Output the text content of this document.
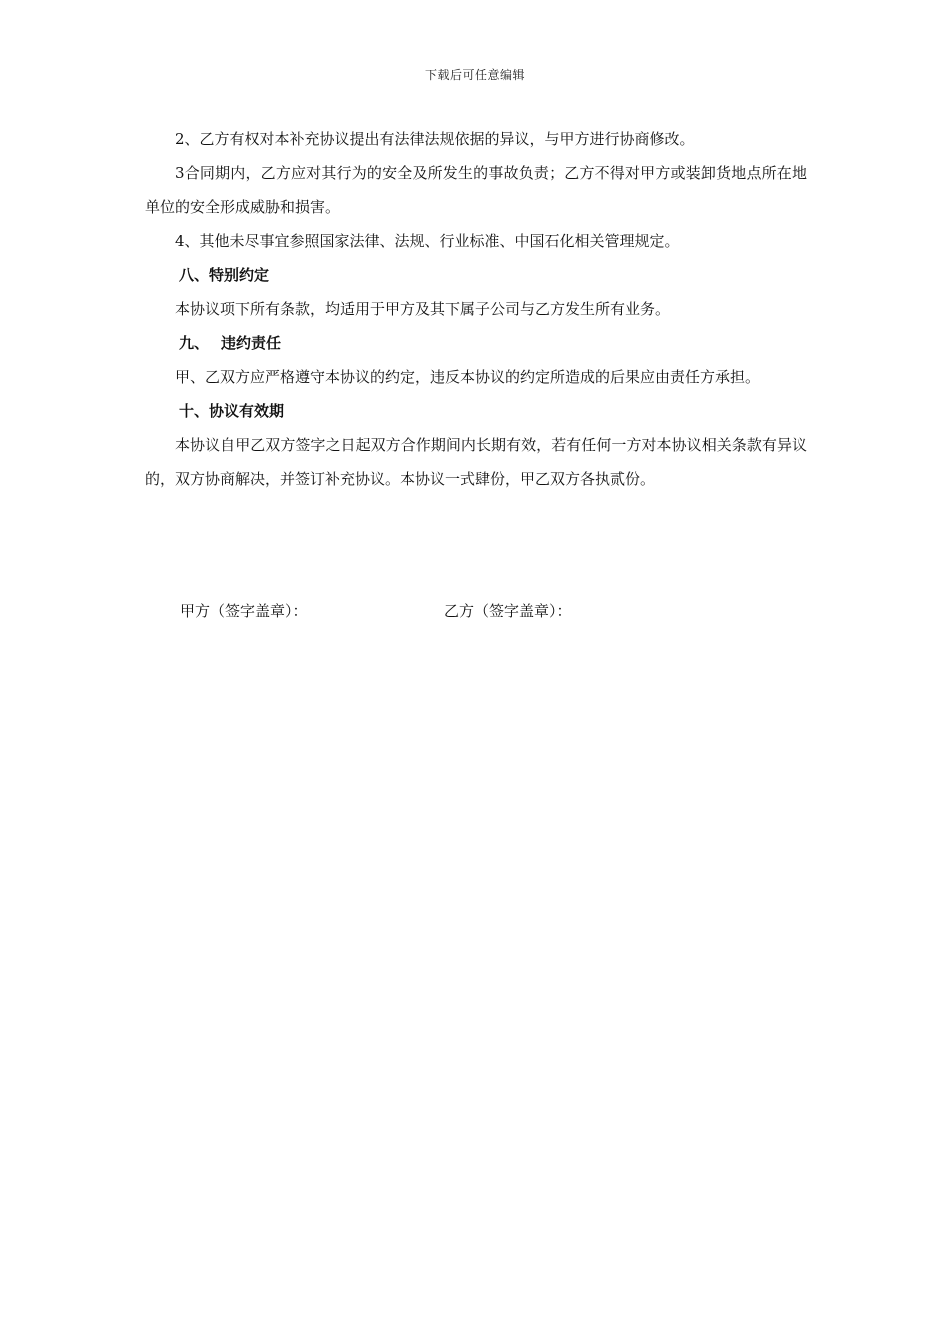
下载后可任意编辑

2、乙方有权对本补充协议提出有法律法规依据的异议，与甲方进行协商修改。

3合同期内，乙方应对其行为的安全及所发生的事故负责；乙方不得对甲方或装卸货地点所在地单位的安全形成威胁和损害。

4、其他未尽事宜参照国家法律、法规、行业标准、中国石化相关管理规定。

八、特别约定

本协议项下所有条款，均适用于甲方及其下属子公司与乙方发生所有业务。

九、 违约责任

甲、乙双方应严格遵守本协议的约定，违反本协议的约定所造成的后果应由责任方承担。

十、协议有效期

本协议自甲乙双方签字之日起双方合作期间内长期有效，若有任何一方对本协议相关条款有异议的，双方协商解决，并签订补充协议。本协议一式肆份，甲乙双方各执贰份。

甲方（签字盖章）：	乙方（签字盖章）：
